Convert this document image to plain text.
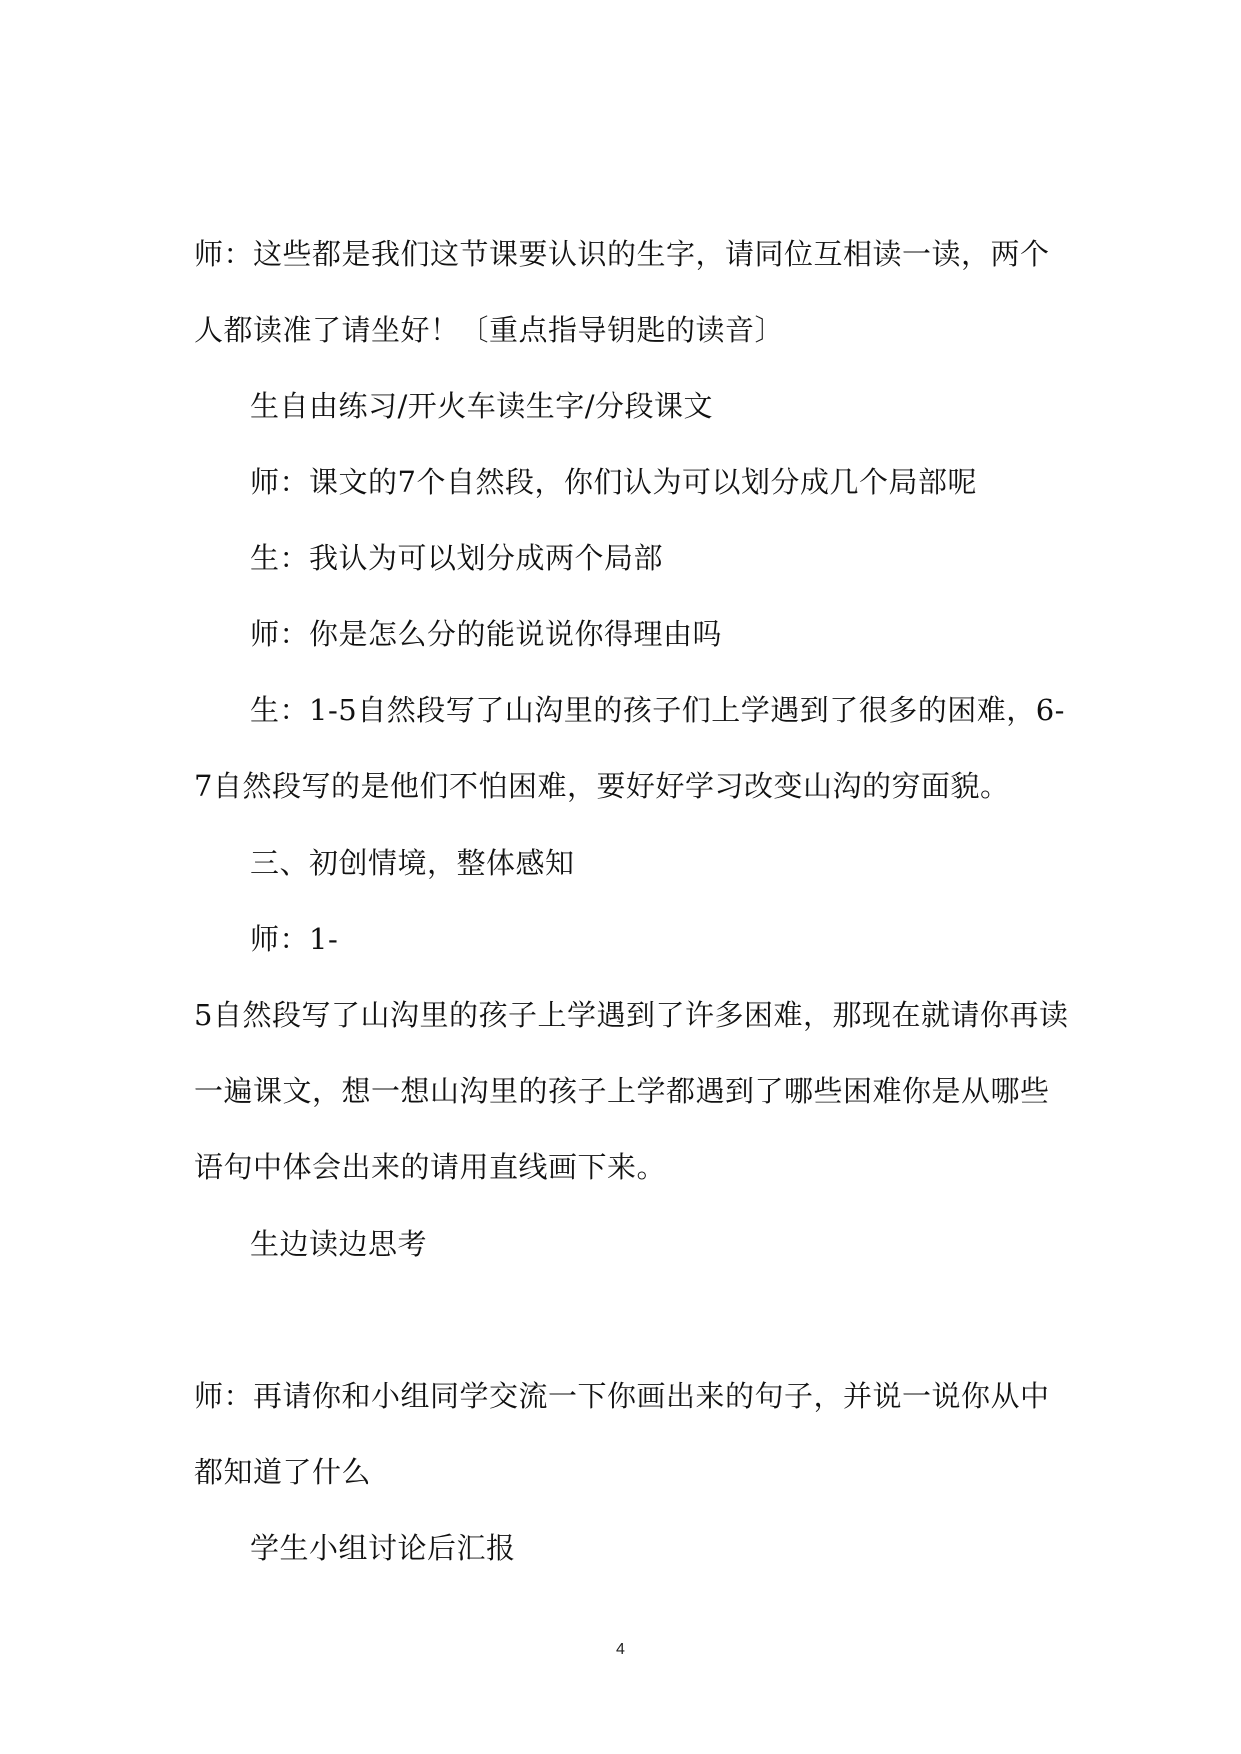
师：这些都是我们这节课要认识的生字，请同位互相读一读，两个
人都读准了请坐好！〔重点指导钥匙的读音〕
生自由练习/开火车读生字/分段课文
师：课文的7个自然段，你们认为可以划分成几个局部呢
生：我认为可以划分成两个局部
师：你是怎么分的能说说你得理由吗
生：1-5自然段写了山沟里的孩子们上学遇到了很多的困难，6-
7自然段写的是他们不怕困难，要好好学习改变山沟的穷面貌。
三、初创情境，整体感知
师：1-
5自然段写了山沟里的孩子上学遇到了许多困难，那现在就请你再读
一遍课文，想一想山沟里的孩子上学都遇到了哪些困难你是从哪些
语句中体会出来的请用直线画下来。
生边读边思考
师：再请你和小组同学交流一下你画出来的句子，并说一说你从中
都知道了什么
学生小组讨论后汇报
4
